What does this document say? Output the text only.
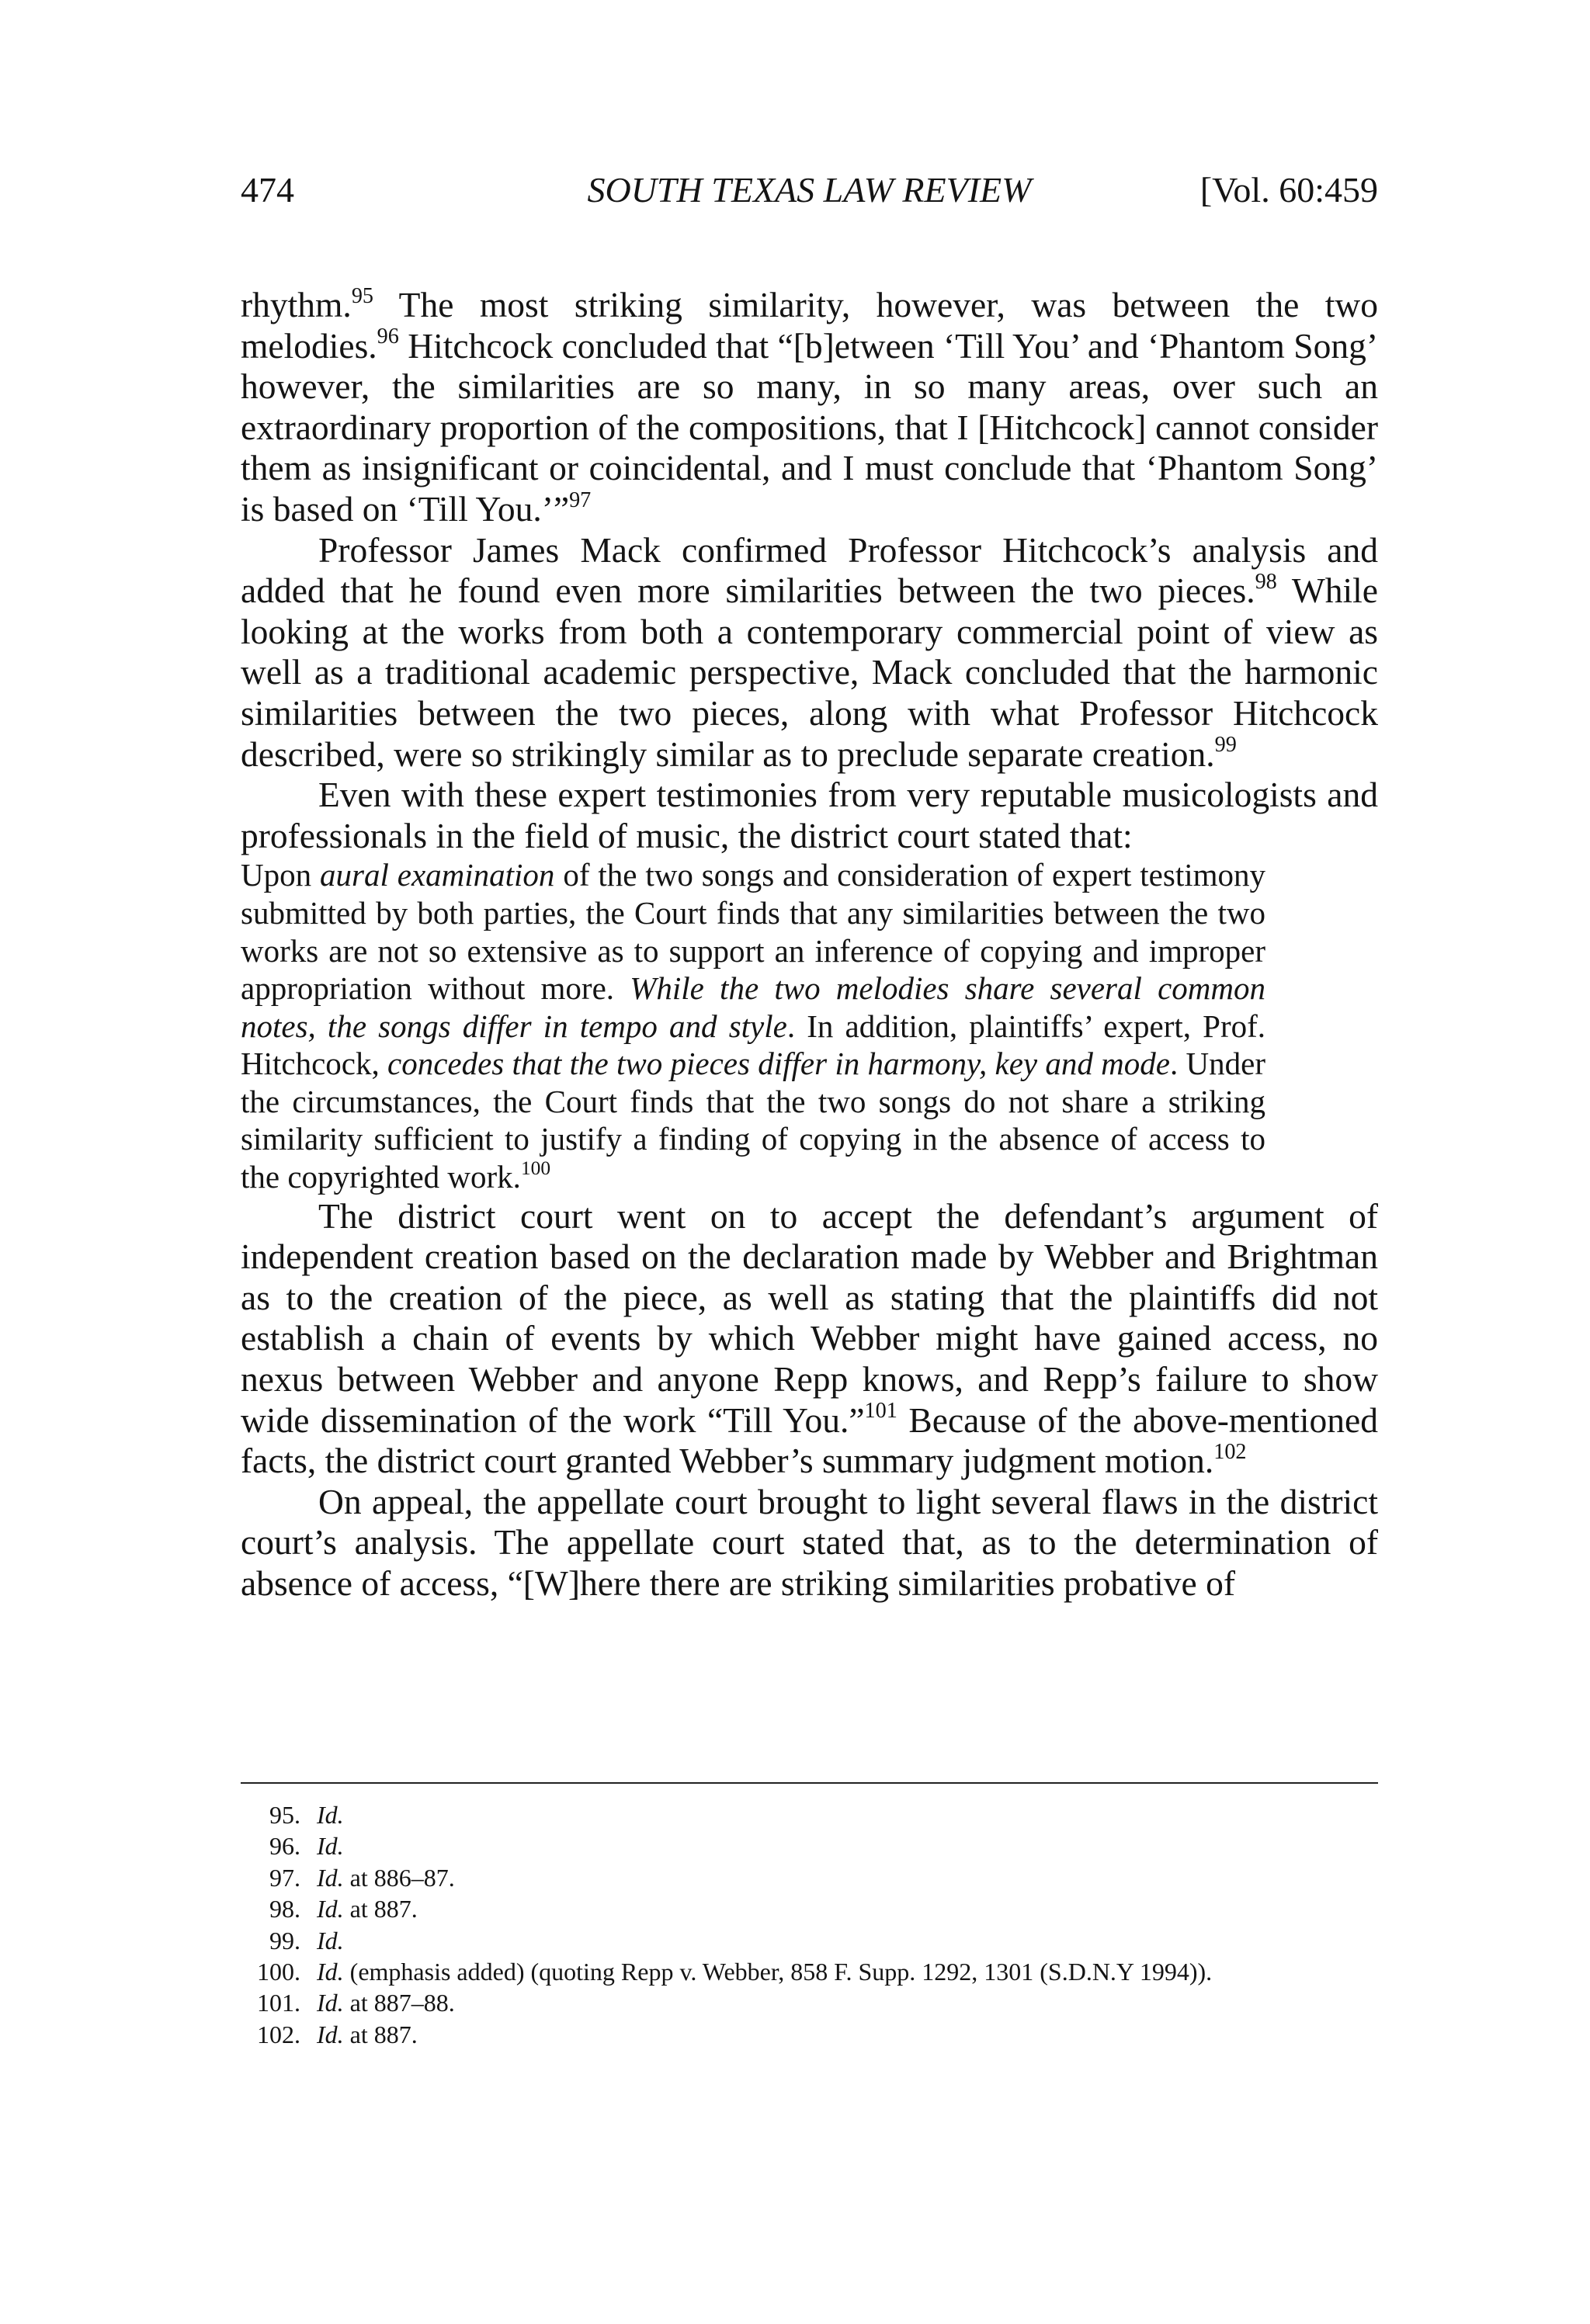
474	SOUTH TEXAS LAW REVIEW	[Vol. 60:459

rhythm.$^{95}$ The most striking similarity, however, was between the two melodies.$^{96}$ Hitchcock concluded that “[b]etween ‘Till You’ and ‘Phantom Song’ however, the similarities are so many, in so many areas, over such an extraordinary proportion of the compositions, that I [Hitchcock] cannot consider them as insignificant or coincidental, and I must conclude that ‘Phantom Song’ is based on ‘Till You.’”$^{97}$

Professor James Mack confirmed Professor Hitchcock’s analysis and added that he found even more similarities between the two pieces.$^{98}$ While looking at the works from both a contemporary commercial point of view as well as a traditional academic perspective, Mack concluded that the harmonic similarities between the two pieces, along with what Professor Hitchcock described, were so strikingly similar as to preclude separate creation.$^{99}$

Even with these expert testimonies from very reputable musicologists and professionals in the field of music, the district court stated that:

Upon aural examination of the two songs and consideration of expert testimony submitted by both parties, the Court finds that any similarities between the two works are not so extensive as to support an inference of copying and improper appropriation without more. While the two melodies share several common notes, the songs differ in tempo and style. In addition, plaintiffs’ expert, Prof. Hitchcock, concedes that the two pieces differ in harmony, key and mode. Under the circumstances, the Court finds that the two songs do not share a striking similarity sufficient to justify a finding of copying in the absence of access to the copyrighted work.$^{100}$

The district court went on to accept the defendant’s argument of independent creation based on the declaration made by Webber and Brightman as to the creation of the piece, as well as stating that the plaintiffs did not establish a chain of events by which Webber might have gained access, no nexus between Webber and anyone Repp knows, and Repp’s failure to show wide dissemination of the work “Till You.”$^{101}$ Because of the above-mentioned facts, the district court granted Webber’s summary judgment motion.$^{102}$

On appeal, the appellate court brought to light several flaws in the district court’s analysis. The appellate court stated that, as to the determination of absence of access, “[W]here there are striking similarities probative of

95. Id.
96. Id.
97. Id. at 886–87.
98. Id. at 887.
99. Id.
100. Id. (emphasis added) (quoting Repp v. Webber, 858 F. Supp. 1292, 1301 (S.D.N.Y 1994)).
101. Id. at 887–88.
102. Id. at 887.
